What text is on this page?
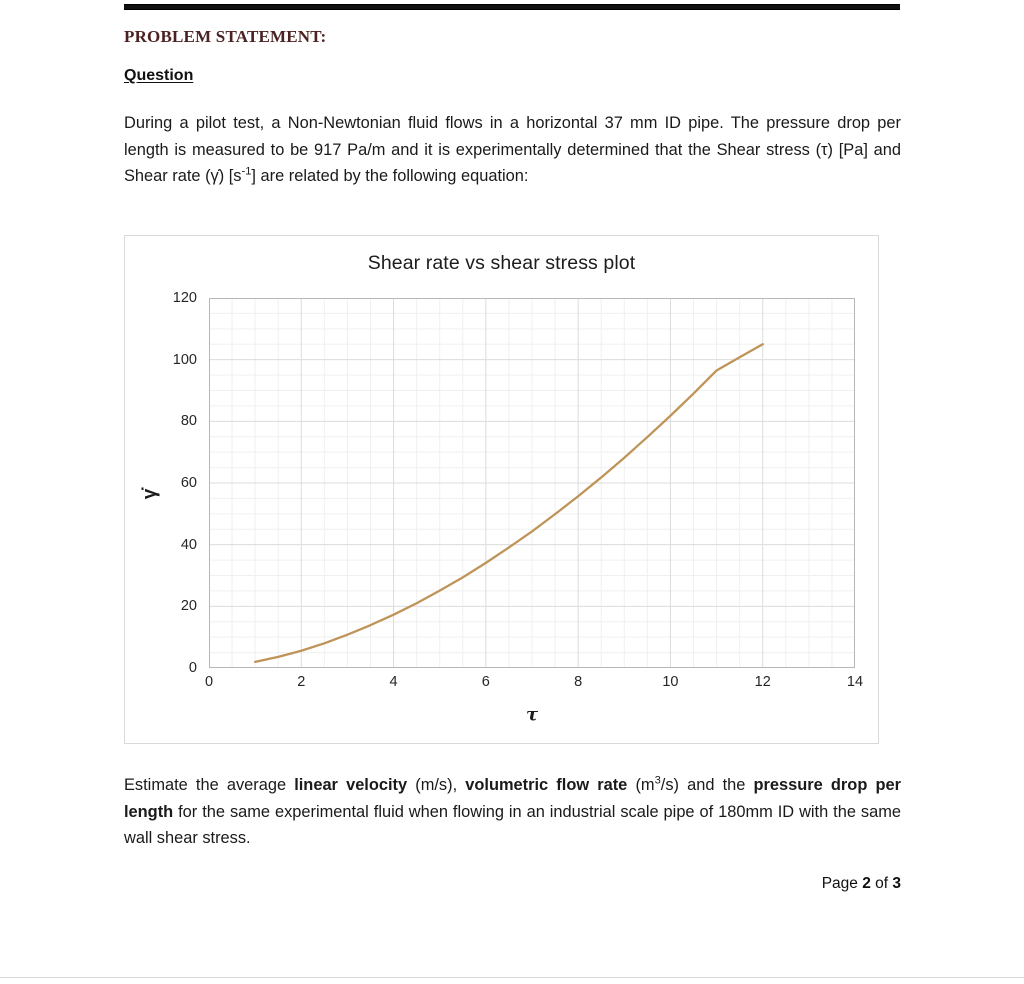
PROBLEM STATEMENT:
Question
During a pilot test, a Non-Newtonian fluid flows in a horizontal 37 mm ID pipe. The pressure drop per length is measured to be 917 Pa/m and it is experimentally determined that the Shear stress (τ) [Pa] and Shear rate (γ̇) $[s^{-1}]$ are related by the following equation:
Shear rate vs shear stress plot
γ̇
0
20
40
60
80
100
120
0	2	4	6	8	10	12	14
τ
Estimate the average linear velocity (m/s), volumetric flow rate $(m^3/s)$ and the pressure drop per length for the same experimental fluid when flowing in an industrial scale pipe of 180mm ID with the same wall shear stress.
Page 2 of 3
